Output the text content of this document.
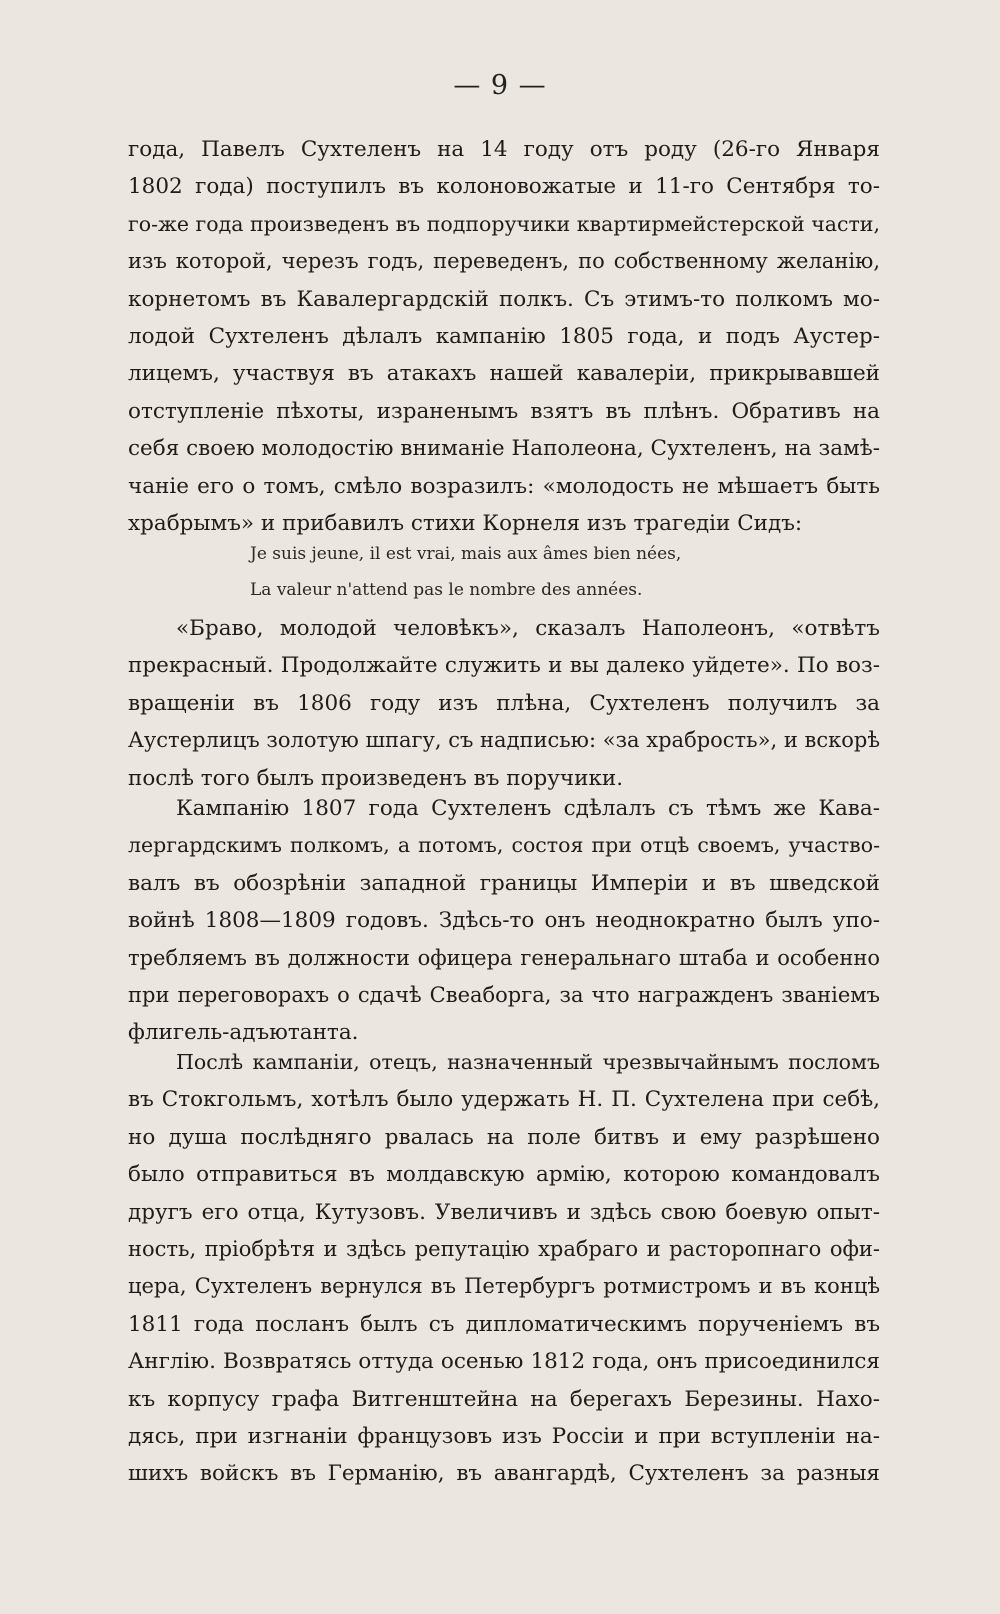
— 9 —
года, Павелъ Сухтеленъ на 14 году отъ роду (26-го Января
1802 года) поступилъ въ колоновожатые и 11-го Сентября то-
го-же года произведенъ въ подпоручики квартирмейстерской части,
изъ которой, черезъ годъ, переведенъ, по собственному желанію,
корнетомъ въ Кавалергардскій полкъ. Съ этимъ-то полкомъ мо-
лодой Сухтеленъ дѣлалъ кампанію 1805 года, и подъ Аустер-
лицемъ, участвуя въ атакахъ нашей кавалеріи, прикрывавшей
отступленіе пѣхоты, израненымъ взятъ въ плѣнъ. Обративъ на
себя своею молодостію вниманіе Наполеона, Сухтеленъ, на замѣ-
чаніе его о томъ, смѣло возразилъ: «молодость не мѣшаетъ быть
храбрымъ» и прибавилъ стихи Корнеля изъ трагедіи Сидъ:
Je suis jeune, il est vrai, mais aux âmes bien nées,
La valeur n'attend pas le nombre des années.
«Браво, молодой человѣкъ», сказалъ Наполеонъ, «отвѣтъ
прекрасный. Продолжайте служить и вы далеко уйдете». По воз-
вращеніи въ 1806 году изъ плѣна, Сухтеленъ получилъ за
Аустерлицъ золотую шпагу, съ надписью: «за храбрость», и вскорѣ
послѣ того былъ произведенъ въ поручики.
Кампанію 1807 года Сухтеленъ сдѣлалъ съ тѣмъ же Кава-
лергардскимъ полкомъ, а потомъ, состоя при отцѣ своемъ, участво-
валъ въ обозрѣніи западной границы Имперіи и въ шведской
войнѣ 1808—1809 годовъ. Здѣсь-то онъ неоднократно былъ упо-
требляемъ въ должности офицера генеральнаго штаба и особенно
при переговорахъ о сдачѣ Свеаборга, за что награжденъ званіемъ
флигель-адъютанта.
Послѣ кампаніи, отецъ, назначенный чрезвычайнымъ посломъ
въ Стокгольмъ, хотѣлъ было удержать Н. П. Сухтелена при себѣ,
но душа послѣдняго рвалась на поле битвъ и ему разрѣшено
было отправиться въ молдавскую армію, которою командовалъ
другъ его отца, Кутузовъ. Увеличивъ и здѣсь свою боевую опыт-
ность, пріобрѣтя и здѣсь репутацію храбраго и расторопнаго офи-
цера, Сухтеленъ вернулся въ Петербургъ ротмистромъ и въ концѣ
1811 года посланъ былъ съ дипломатическимъ порученіемъ въ
Англію. Возвратясь оттуда осенью 1812 года, онъ присоединился
къ корпусу графа Витгенштейна на берегахъ Березины. Нахо-
дясь, при изгнаніи французовъ изъ Россіи и при вступленіи на-
шихъ войскъ въ Германію, въ авангардѣ, Сухтеленъ за разныя
